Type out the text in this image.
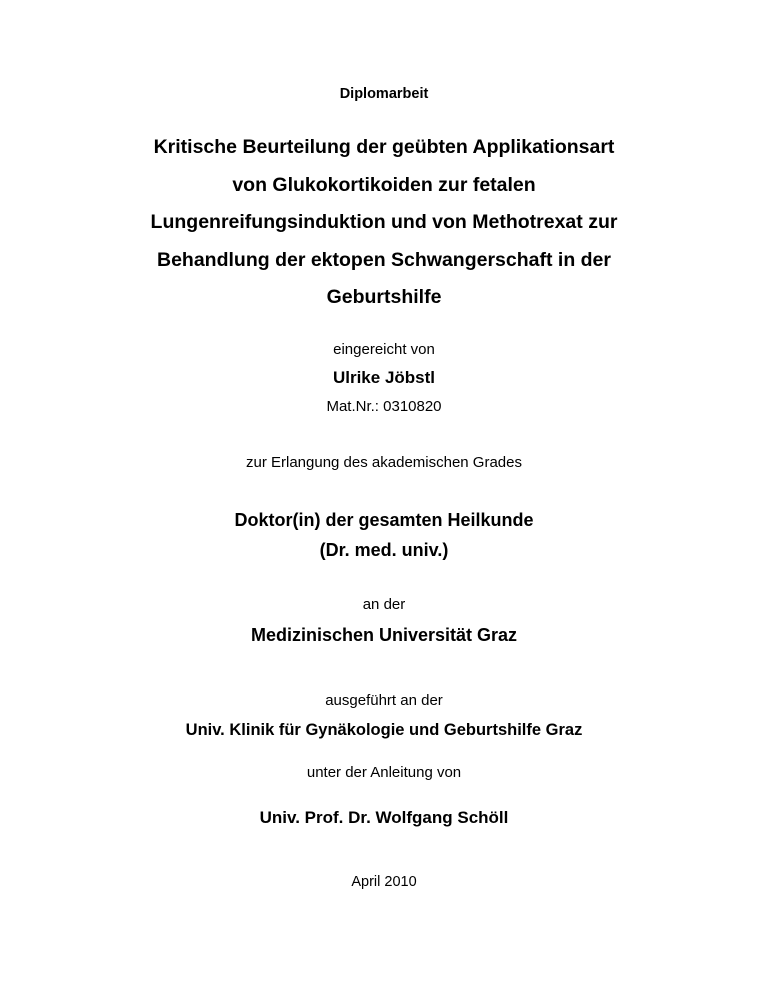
Diplomarbeit
Kritische Beurteilung der geübten Applikationsart
von Glukokortikoiden zur fetalen
Lungenreifungsinduktion und von Methotrexat zur
Behandlung der ektopen Schwangerschaft in der
Geburtshilfe
eingereicht von
Ulrike Jöbstl
Mat.Nr.: 0310820
zur Erlangung des akademischen Grades
Doktor(in) der gesamten Heilkunde
(Dr. med. univ.)
an der
Medizinischen Universität Graz
ausgeführt an der
Univ. Klinik für Gynäkologie und Geburtshilfe Graz
unter der Anleitung von
Univ. Prof. Dr. Wolfgang Schöll
April 2010
